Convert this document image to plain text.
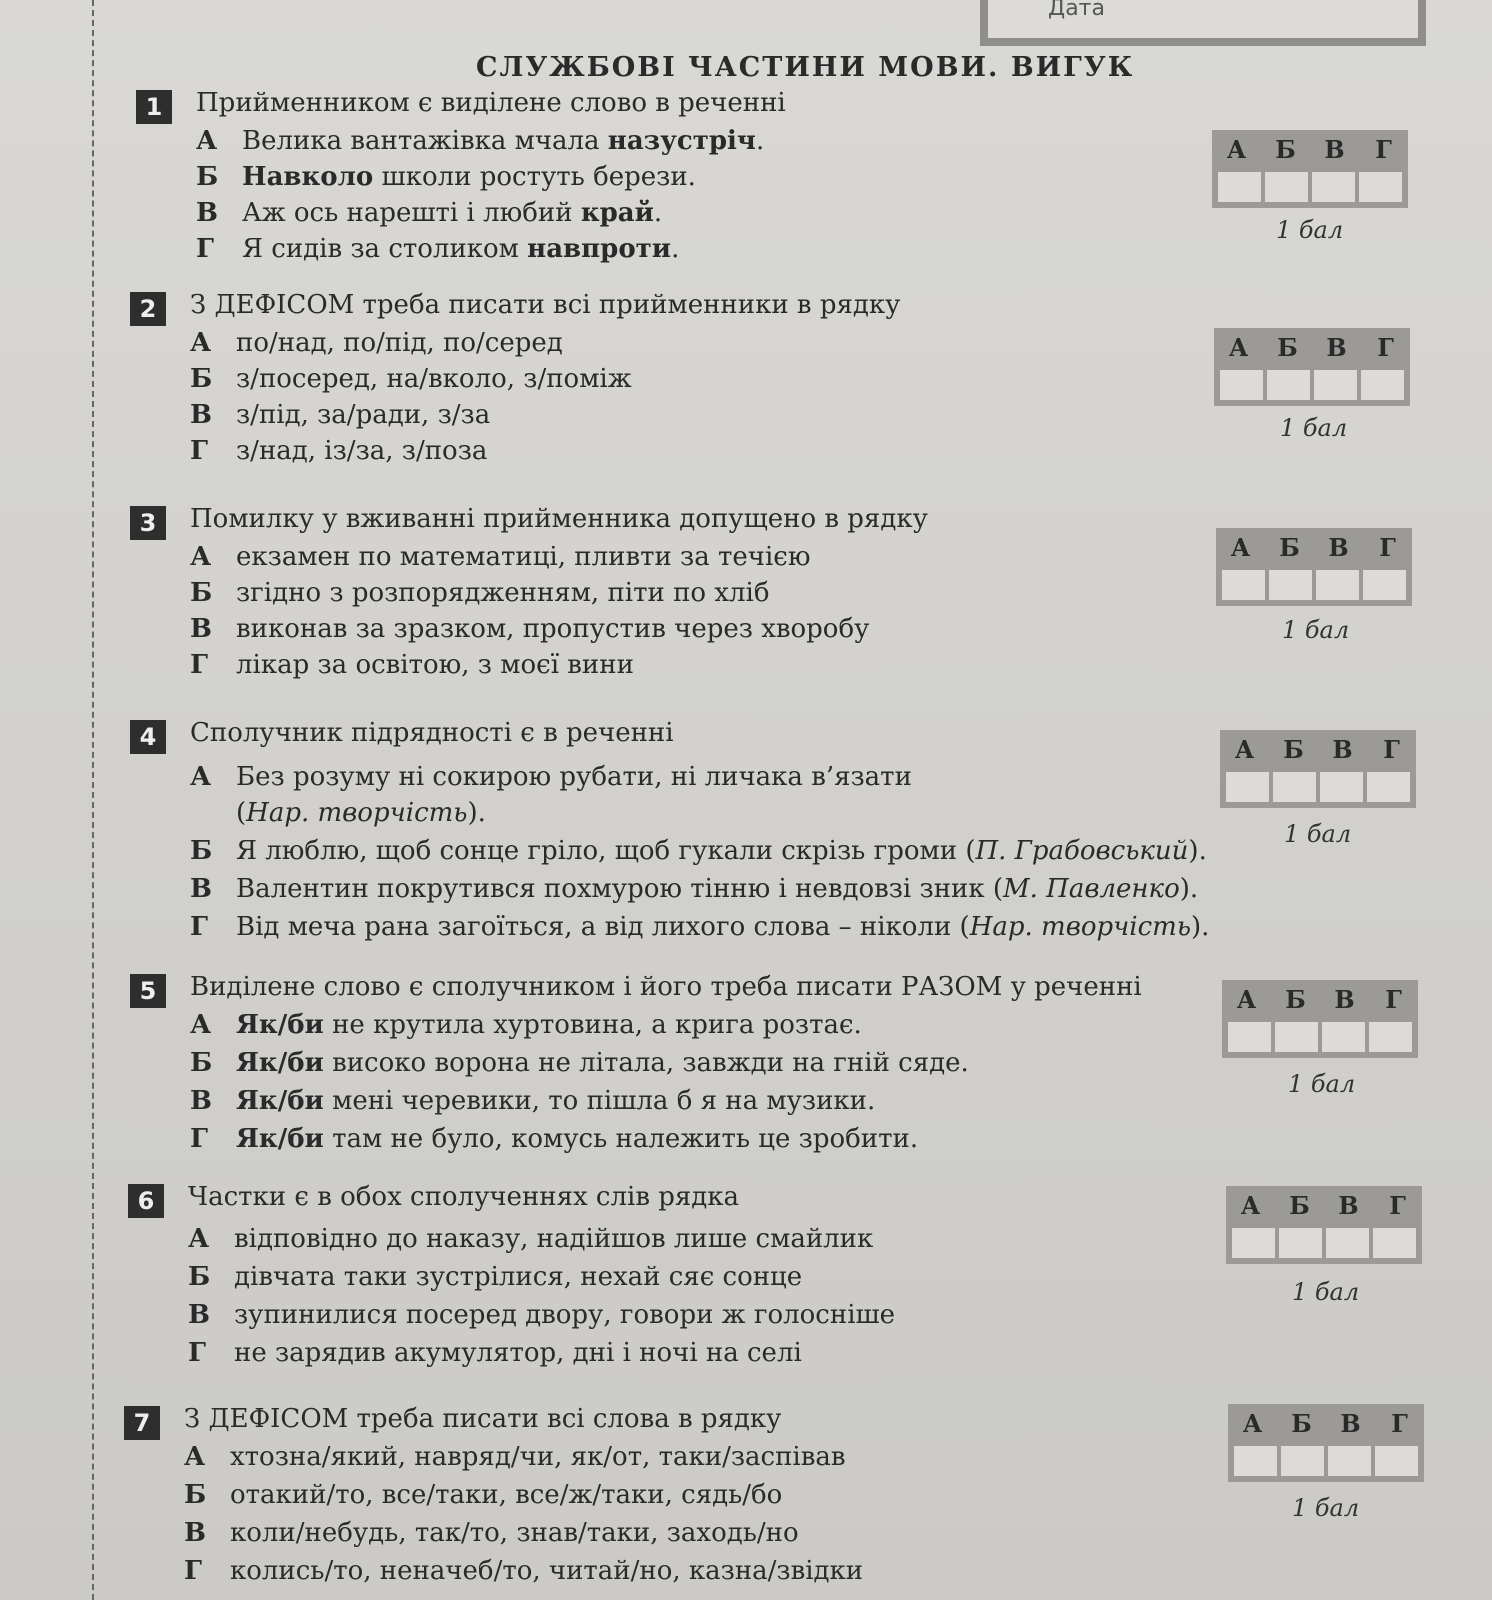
Дата
СЛУЖБОВІ ЧАСТИНИ МОВИ. ВИГУК
1	Прийменником є виділене слово в реченні
А Велика вантажівка мчала назустріч.
Б Навколо школи ростуть берези.
В Аж ось нарешті і любий край.
Г Я сидів за столиком навпроти.
А	Б	В	Г
1 бал
2	З ДЕФІСОМ треба писати всі прийменники в рядку
А по/над, по/під, по/серед
Б з/посеред, на/вколо, з/поміж
В з/під, за/ради, з/за
Г з/над, із/за, з/поза
А	Б	В	Г
1 бал
3	Помилку у вживанні прийменника допущено в рядку
А екзамен по математиці, пливти за течією
Б згідно з розпорядженням, піти по хліб
В виконав за зразком, пропустив через хворобу
Г лікар за освітою, з моєї вини
А	Б	В	Г
1 бал
4	Сполучник підрядності є в реченні
А Без розуму ні сокирою рубати, ні личака в’язати
(Нар. творчість).
Б Я люблю, щоб сонце гріло, щоб гукали скрізь громи (П. Грабовський).
В Валентин покрутився похмурою тінню і невдовзі зник (М. Павленко).
Г Від меча рана загоїться, а від лихого слова – ніколи (Нар. творчість).
А	Б	В	Г
1 бал
5	Виділене слово є сполучником і його треба писати РАЗОМ у реченні
А Як/би не крутила хуртовина, а крига розтає.
Б Як/би високо ворона не літала, завжди на гній сяде.
В Як/би мені черевики, то пішла б я на музики.
Г Як/би там не було, комусь належить це зробити.
А	Б	В	Г
1 бал
6	Частки є в обох сполученнях слів рядка
А відповідно до наказу, надійшов лише смайлик
Б дівчата таки зустрілися, нехай сяє сонце
В зупинилися посеред двору, говори ж голосніше
Г не зарядив акумулятор, дні і ночі на селі
А	Б	В	Г
1 бал
7	З ДЕФІСОМ треба писати всі слова в рядку
А хтозна/який, навряд/чи, як/от, таки/заспівав
Б отакий/то, все/таки, все/ж/таки, сядь/бо
В коли/небудь, так/то, знав/таки, заходь/но
Г колись/то, неначеб/то, читай/но, казна/звідки
А	Б	В	Г
1 бал
